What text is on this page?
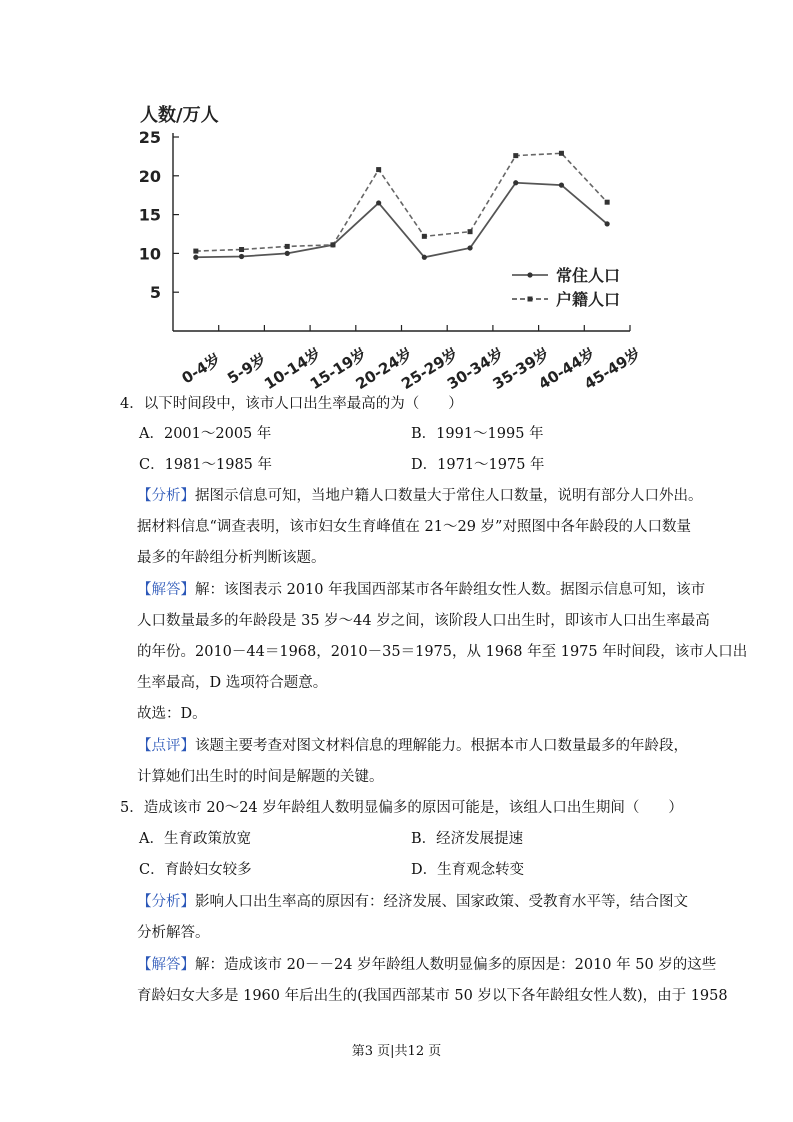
5
10
15
20
25
0-4岁 5-9岁
10-14岁
15-19岁
20-24岁
25-29岁
30-34岁
35-39岁
40-44岁
45-49岁
常住人口
户籍人口
人数/万人
4．以下时间段中，该市人口出生率最高的为（　　）
A．2001～2005 年	B．1991～1995 年
C．1981～1985 年	D．1971～1975 年
【分析】据图示信息可知，当地户籍人口数量大于常住人口数量，说明有部分人口外出。
据材料信息“调查表明，该市妇女生育峰值在 21～29 岁”对照图中各年龄段的人口数量
最多的年龄组分析判断该题。
【解答】解：该图表示 2010 年我国西部某市各年龄组女性人数。据图示信息可知，该市
人口数量最多的年龄段是 35 岁～44 岁之间，该阶段人口出生时，即该市人口出生率最高
的年份。2010－44＝1968，2010－35＝1975，从 1968 年至 1975 年时间段，该市人口出
生率最高，D 选项符合题意。
故选：D。
【点评】该题主要考查对图文材料信息的理解能力。根据本市人口数量最多的年龄段，
计算她们出生时的时间是解题的关键。
5．造成该市 20～24 岁年龄组人数明显偏多的原因可能是，该组人口出生期间（　　）
A．生育政策放宽	B．经济发展提速
C．育龄妇女较多	D．生育观念转变
【分析】影响人口出生率高的原因有：经济发展、国家政策、受教育水平等，结合图文
分析解答。
【解答】解：造成该市 20－－24 岁年龄组人数明显偏多的原因是：2010 年 50 岁的这些
育龄妇女大多是 1960 年后出生的(我国西部某市 50 岁以下各年龄组女性人数)，由于 1958
第3 页|共12 页
